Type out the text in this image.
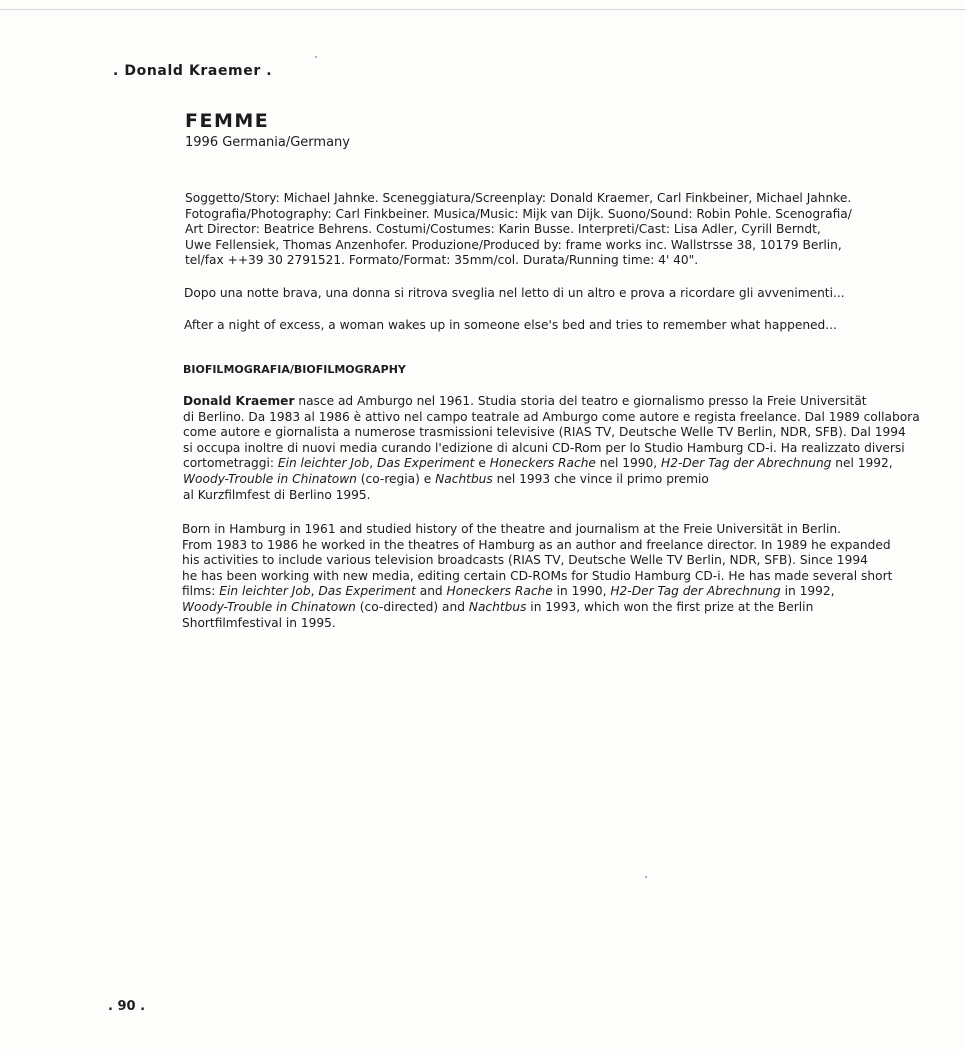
. Donald Kraemer .
FEMME
1996 Germania/Germany
Soggetto/Story: Michael Jahnke. Sceneggiatura/Screenplay: Donald Kraemer, Carl Finkbeiner, Michael Jahnke.
Fotografia/Photography: Carl Finkbeiner. Musica/Music: Mijk van Dijk. Suono/Sound: Robin Pohle. Scenografia/
Art Director: Beatrice Behrens. Costumi/Costumes: Karin Busse. Interpreti/Cast: Lisa Adler, Cyrill Berndt,
Uwe Fellensiek, Thomas Anzenhofer. Produzione/Produced by: frame works inc. Wallstrsse 38, 10179 Berlin,
tel/fax ++39 30 2791521. Formato/Format: 35mm/col. Durata/Running time: 4' 40".
Dopo una notte brava, una donna si ritrova sveglia nel letto di un altro e prova a ricordare gli avvenimenti...
After a night of excess, a woman wakes up in someone else's bed and tries to remember what happened...
BIOFILMOGRAFIA/BIOFILMOGRAPHY
Donald Kraemer nasce ad Amburgo nel 1961. Studia storia del teatro e giornalismo presso la Freie Universität
di Berlino. Da 1983 al 1986 è attivo nel campo teatrale ad Amburgo come autore e regista freelance. Dal 1989 collabora
come autore e giornalista a numerose trasmissioni televisive (RIAS TV, Deutsche Welle TV Berlin, NDR, SFB). Dal 1994
si occupa inoltre di nuovi media curando l'edizione di alcuni CD-Rom per lo Studio Hamburg CD-i. Ha realizzato diversi
cortometraggi: Ein leichter Job, Das Experiment e Honeckers Rache nel 1990, H2-Der Tag der Abrechnung nel 1992,
Woody-Trouble in Chinatown (co-regia) e Nachtbus nel 1993 che vince il primo premio
al Kurzfilmfest di Berlino 1995.
Born in Hamburg in 1961 and studied history of the theatre and journalism at the Freie Universität in Berlin.
From 1983 to 1986 he worked in the theatres of Hamburg as an author and freelance director. In 1989 he expanded
his activities to include various television broadcasts (RIAS TV, Deutsche Welle TV Berlin, NDR, SFB). Since 1994
he has been working with new media, editing certain CD-ROMs for Studio Hamburg CD-i. He has made several short
films: Ein leichter Job, Das Experiment and Honeckers Rache in 1990, H2-Der Tag der Abrechnung in 1992,
Woody-Trouble in Chinatown (co-directed) and Nachtbus in 1993, which won the first prize at the Berlin
Shortfilmfestival in 1995.
. 90 .
